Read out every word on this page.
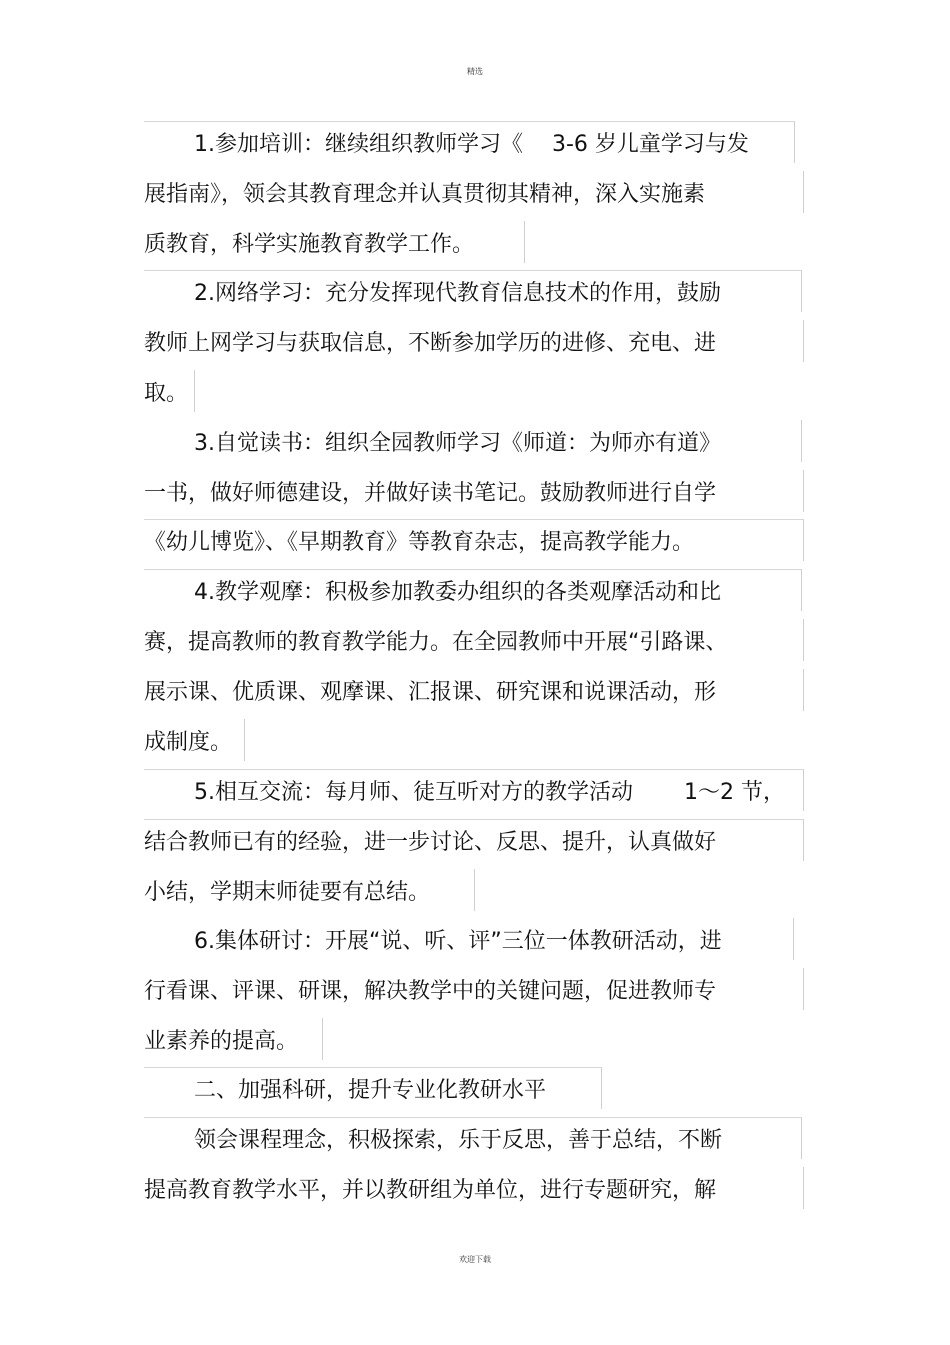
精选
1.参加培训：继续组织教师学习《　 3-6 岁儿童学习与发
展指南》，领会其教育理念并认真贯彻其精神，深入实施素
质教育，科学实施教育教学工作。
2.网络学习：充分发挥现代教育信息技术的作用，鼓励
教师上网学习与获取信息，不断参加学历的进修、充电、进
取。
3.自觉读书：组织全园教师学习《师道：为师亦有道》
一书，做好师德建设，并做好读书笔记。鼓励教师进行自学
《幼儿博览》、《早期教育》等教育杂志，提高教学能力。
4.教学观摩：积极参加教委办组织的各类观摩活动和比
赛，提高教师的教育教学能力。在全园教师中开展“引路课、
展示课、优质课、观摩课、汇报课、研究课和说课活动，形
成制度。
5.相互交流：每月师、徒互听对方的教学活动　　 1～2 节，
结合教师已有的经验，进一步讨论、反思、提升，认真做好
小结，学期末师徒要有总结。
6.集体研讨：开展“说、听、评”三位一体教研活动，进
行看课、评课、研课，解决教学中的关键问题，促进教师专
业素养的提高。
二、加强科研，提升专业化教研水平
领会课程理念，积极探索，乐于反思，善于总结，不断
提高教育教学水平，并以教研组为单位，进行专题研究，解
欢迎下载
